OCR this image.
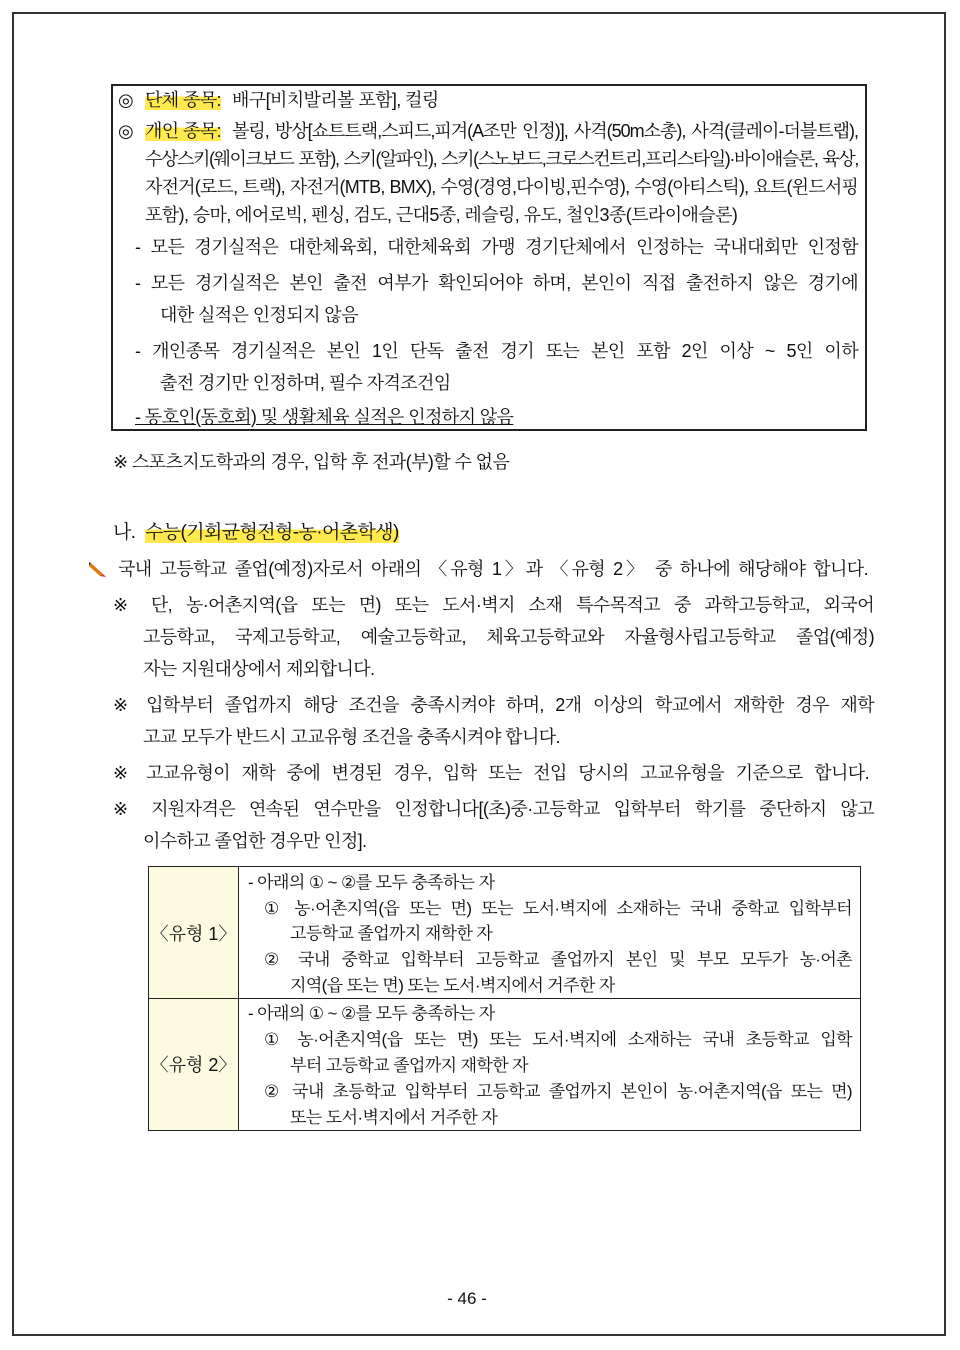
◎ 단체 종목: 배구[비치발리볼 포함], 컬링
◎ 개인 종목: 볼링, 방상[쇼트트랙,스피드,피겨(A조만 인정)], 사격(50m소총), 사격(클레이-더블트랩),
수상스키(웨이크보드 포함), 스키(알파인), 스키(스노보드,크로스컨트리,프리스타일)·바이애슬론, 육상,
자전거(로드, 트랙), 자전거(MTB, BMX), 수영(경영,다이빙,핀수영), 수영(아티스틱), 요트(윈드서핑
포함), 승마, 에어로빅, 펜싱, 검도, 근대5종, 레슬링, 유도, 철인3종(트라이애슬론)
- 모든 경기실적은 대한체육회, 대한체육회 가맹 경기단체에서 인정하는 국내대회만 인정함
- 모든 경기실적은 본인 출전 여부가 확인되어야 하며, 본인이 직접 출전하지 않은 경기에
대한 실적은 인정되지 않음
- 개인종목 경기실적은 본인 1인 단독 출전 경기 또는 본인 포함 2인 이상 ~ 5인 이하
출전 경기만 인정하며, 필수 자격조건임
- 동호인(동호회) 및 생활체육 실적은 인정하지 않음
※ 스포츠지도학과의 경우, 입학 후 전과(부)할 수 없음
나. 수능(기회균형전형-농·어촌학생)
국내 고등학교 졸업(예정)자로서 아래의 〈유형 1〉과 〈유형 2〉 중 하나에 해당해야 합니다.
※ 단, 농·어촌지역(읍 또는 면) 또는 도서·벽지 소재 특수목적고 중 과학고등학교, 외국어
고등학교, 국제고등학교, 예술고등학교, 체육고등학교와 자율형사립고등학교 졸업(예정)
자는 지원대상에서 제외합니다.
※ 입학부터 졸업까지 해당 조건을 충족시켜야 하며, 2개 이상의 학교에서 재학한 경우 재학
고교 모두가 반드시 고교유형 조건을 충족시켜야 합니다.
※ 고교유형이 재학 중에 변경된 경우, 입학 또는 전입 당시의 고교유형을 기준으로 합니다.
※ 지원자격은 연속된 연수만을 인정합니다[(초)중·고등학교 입학부터 학기를 중단하지 않고
이수하고 졸업한 경우만 인정].
〈유형 1〉
〈유형 2〉
- 아래의 ① ~ ②를 모두 충족하는 자
① 농·어촌지역(읍 또는 면) 또는 도서·벽지에 소재하는 국내 중학교 입학부터
고등학교 졸업까지 재학한 자
② 국내 중학교 입학부터 고등학교 졸업까지 본인 및 부모 모두가 농·어촌
지역(읍 또는 면) 또는 도서·벽지에서 거주한 자
- 아래의 ① ~ ②를 모두 충족하는 자
① 농·어촌지역(읍 또는 면) 또는 도서·벽지에 소재하는 국내 초등학교 입학
부터 고등학교 졸업까지 재학한 자
② 국내 초등학교 입학부터 고등학교 졸업까지 본인이 농·어촌지역(읍 또는 면)
또는 도서·벽지에서 거주한 자
- 46 -
